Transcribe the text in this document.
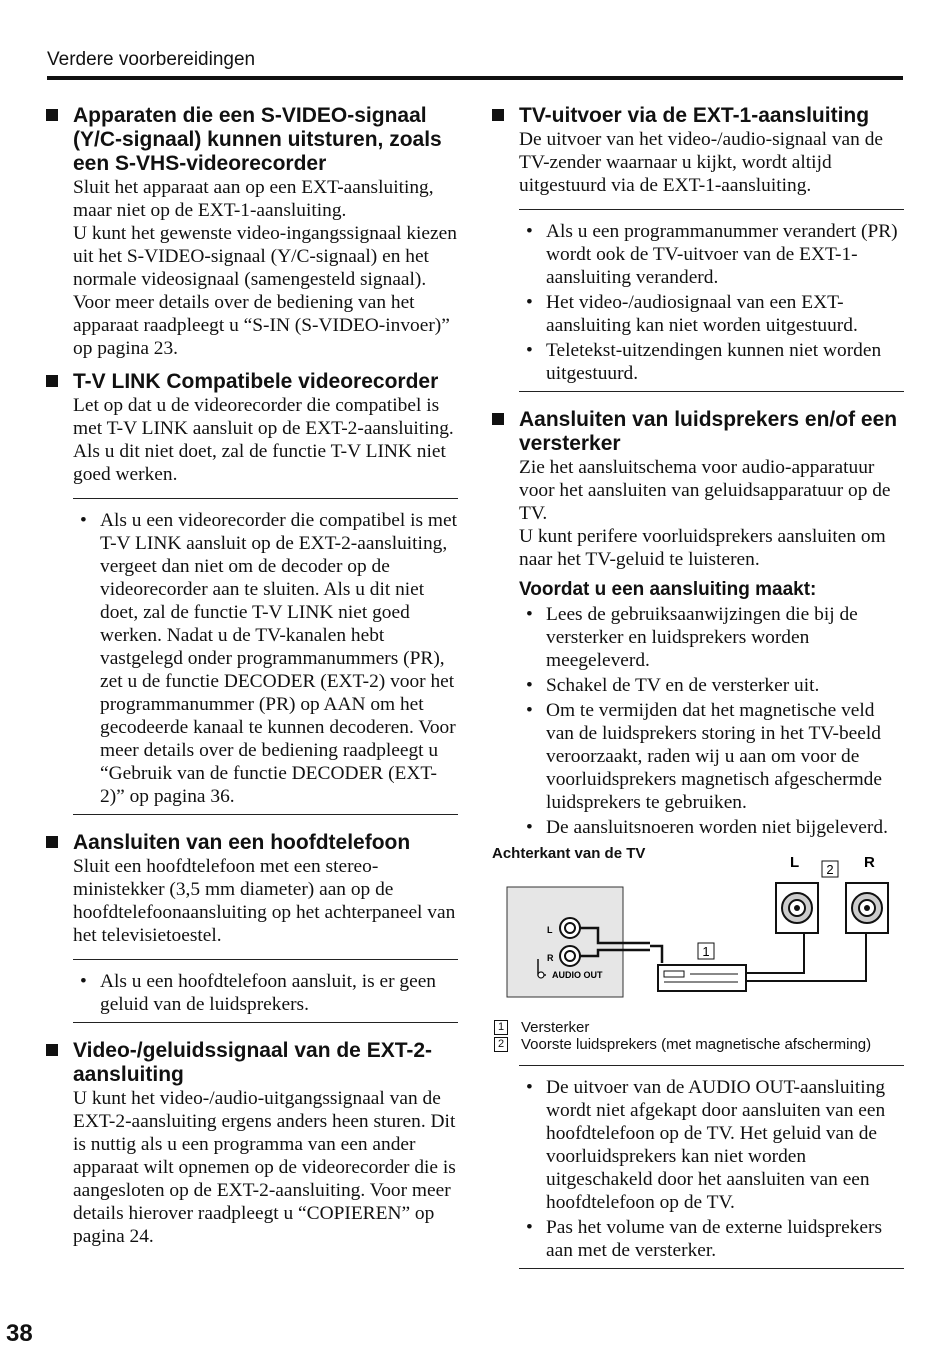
Verdere voorbereidingen
Apparaten die een S-VIDEO-signaal (Y/C-signaal) kunnen uitsturen, zoals een S-VHS-videorecorder

Sluit het apparaat aan op een EXT-aansluiting, maar niet op de EXT-1-aansluiting.

U kunt het gewenste video-ingangssignaal kiezen uit het S-VIDEO-signaal (Y/C-signaal) en het normale videosignaal (samengesteld signaal). Voor meer details over de bediening van het apparaat raadpleegt u “S-IN (S-VIDEO-invoer)” op pagina 23.

T-V LINK Compatibele videorecorder

Let op dat u de videorecorder die compatibel is met T-V LINK aansluit op de EXT-2-aansluiting. Als u dit niet doet, zal de functie T-V LINK niet goed werken.

• Als u een videorecorder die compatibel is met T-V LINK aansluit op de EXT-2-aansluiting, vergeet dan niet om de decoder op de videorecorder aan te sluiten. Als u dit niet doet, zal de functie T-V LINK niet goed werken. Nadat u de TV-kanalen hebt vastgelegd onder programmanummers (PR), zet u de functie DECODER (EXT-2) voor het programmanummer (PR) op AAN om het gecodeerde kanaal te kunnen decoderen. Voor meer details over de bediening raadpleegt u “Gebruik van de functie DECODER (EXT-2)” op pagina 36.
Aansluiten van een hoofdtelefoon

Sluit een hoofdtelefoon met een stereo-ministekker (3,5 mm diameter) aan op de hoofdtelefoonaansluiting op het achterpaneel van het televisietoestel.

• Als u een hoofdtelefoon aansluit, is er geen geluid van de luidsprekers.
Video-/geluidssignaal van de EXT-2-aansluiting

U kunt het video-/audio-uitgangssignaal van de EXT-2-aansluiting ergens anders heen sturen. Dit is nuttig als u een programma van een ander apparaat wilt opnemen op de videorecorder die is aangesloten op de EXT-2-aansluiting. Voor meer details hierover raadpleegt u “COPIEREN” op pagina 24.

TV-uitvoer via de EXT-1-aansluiting

De uitvoer van het video-/audio-signaal van de TV-zender waarnaar u kijkt, wordt altijd uitgestuurd via de EXT-1-aansluiting.

• Als u een programmanummer verandert (PR) wordt ook de TV-uitvoer van de EXT-1-aansluiting veranderd.
• Het video-/audiosignaal van een EXT-aansluiting kan niet worden uitgestuurd.
• Teletekst-uitzendingen kunnen niet worden uitgestuurd.
Aansluiten van luidsprekers en/of een versterker

Zie het aansluitschema voor audio-apparatuur voor het aansluiten van geluidsapparatuur op de TV.

U kunt perifere voorluidsprekers aansluiten om naar het TV-geluid te luisteren.

Voordat u een aansluiting maakt:
• Lees de gebruiksaanwijzingen die bij de versterker en luidsprekers worden meegeleverd.
• Schakel de TV en de versterker uit.
• Om te vermijden dat het magnetische veld van de luidsprekers storing in het TV-beeld veroorzaakt, raden wij u aan om voor de voorluidsprekers magnetisch afgeschermde luidsprekers te gebruiken.
• De aansluitsnoeren worden niet bijgeleverd.
Achterkant van de TV
L
R
AUDIO OUT
1
L	R
2
1 Versterker
2 Voorste luidsprekers (met magnetische afscherming)
• De uitvoer van de AUDIO OUT-aansluiting wordt niet afgekapt door aansluiten van een hoofdtelefoon op de TV. Het geluid van de voorluidsprekers kan niet worden uitgeschakeld door het aansluiten van een hoofdtelefoon op de TV.
• Pas het volume van de externe luidsprekers aan met de versterker.
38
